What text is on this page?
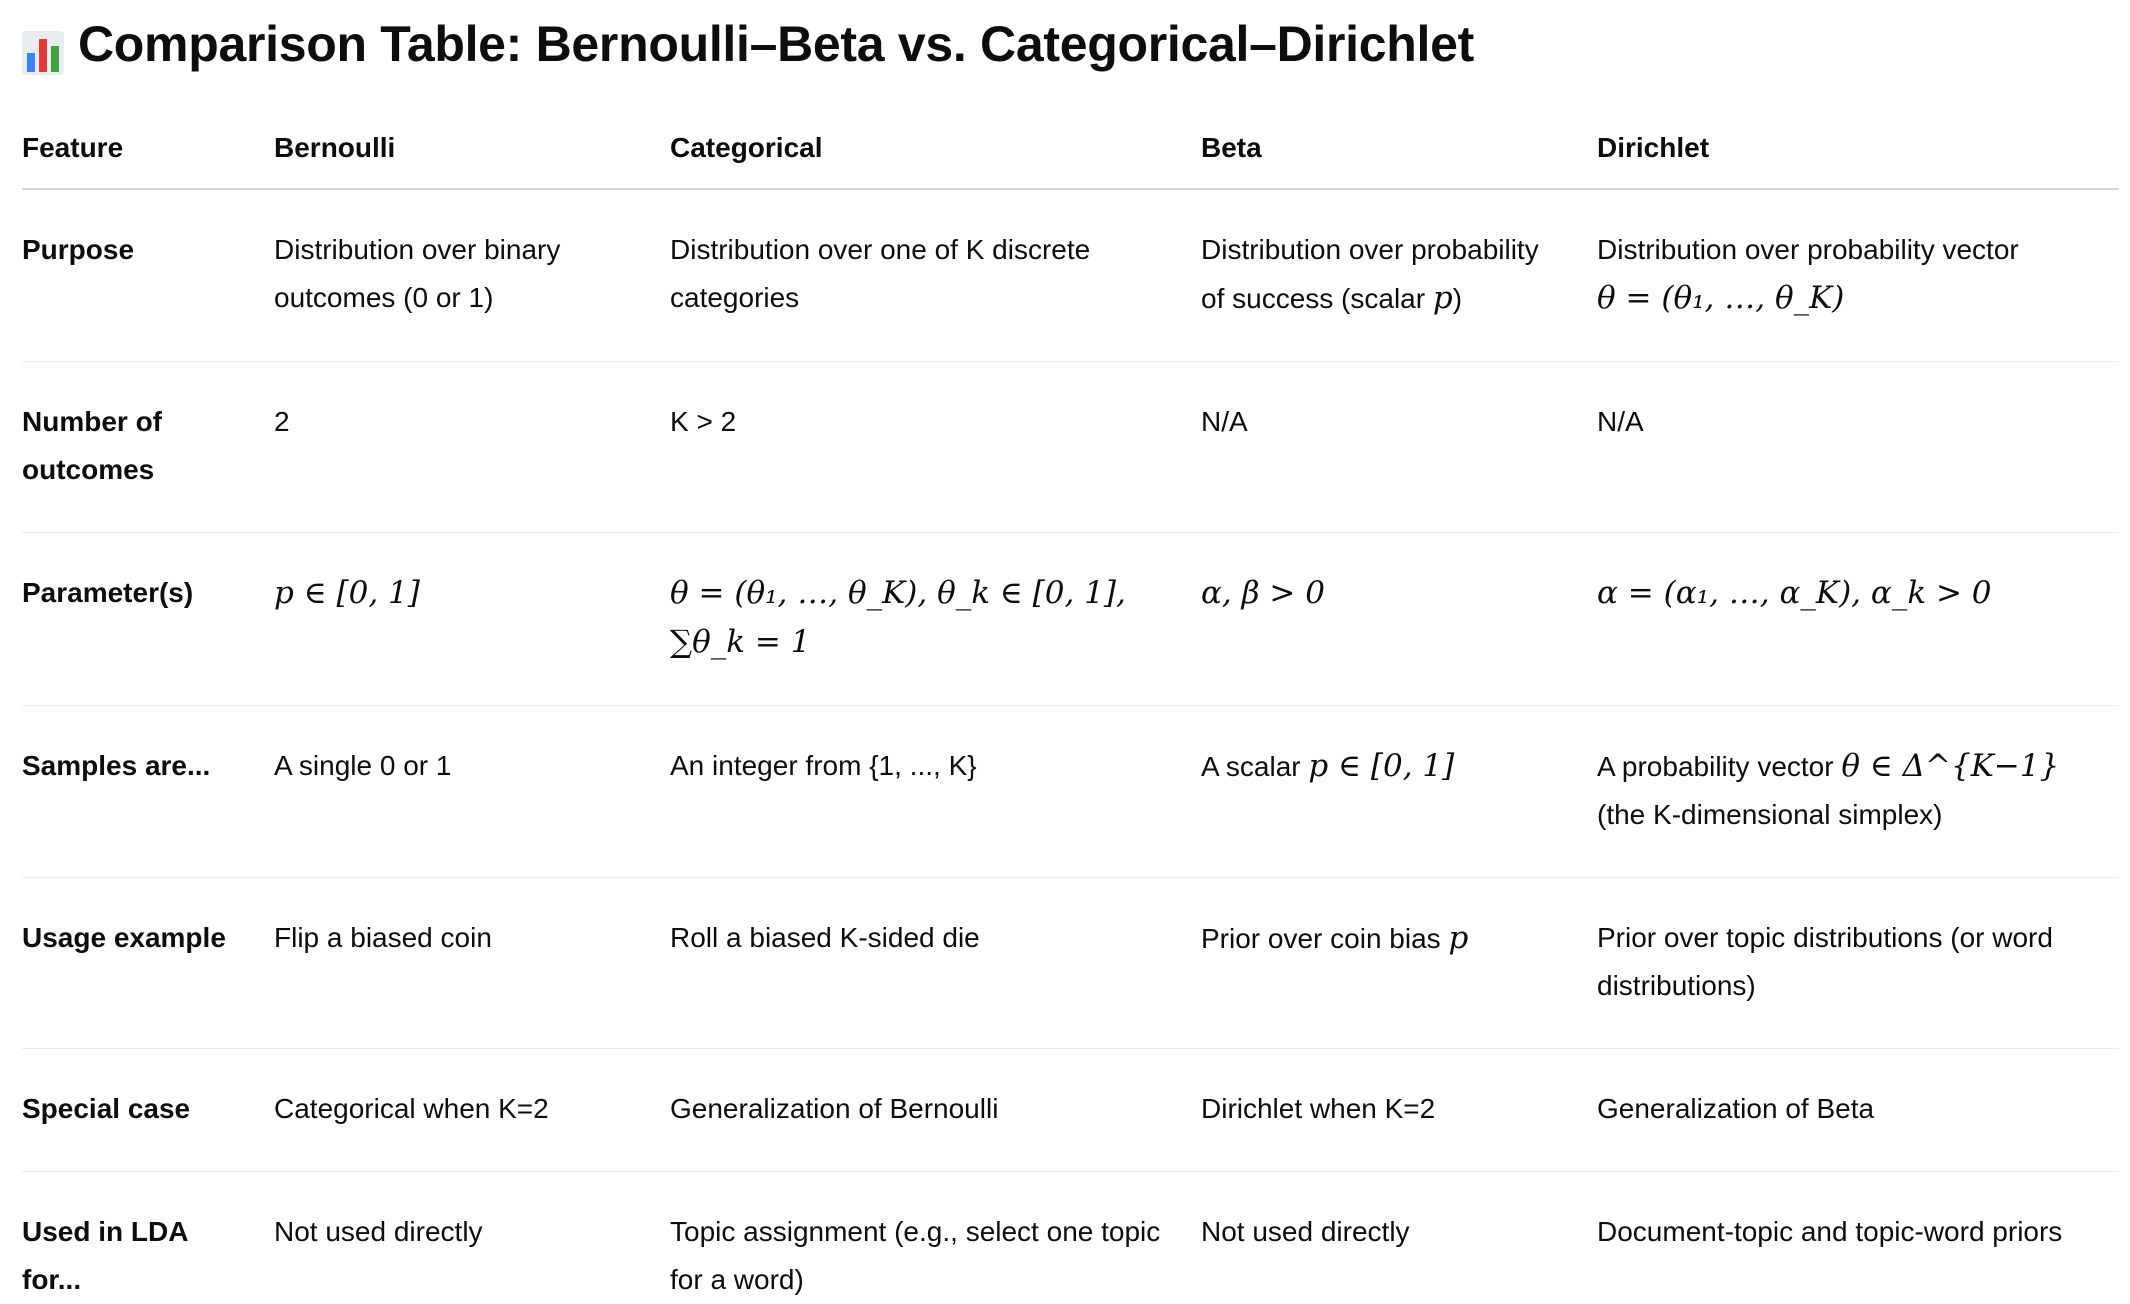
Comparison Table: Bernoulli–Beta vs. Categorical–Dirichlet
Feature	Bernoulli	Categorical	Beta	Dirichlet
Purpose	Distribution over binary outcomes (0 or 1)	Distribution over one of K discrete categories	Distribution over probability of success (scalar p)	Distribution over probability vector
θ = (θ₁, …, θ_K)
Number of outcomes	2	K > 2	N/A	N/A
Parameter(s)	p ∈ [0, 1]	θ = (θ₁, …, θ_K), θ_k ∈ [0, 1], ∑θ_k = 1	α, β > 0	α = (α₁, …, α_K), α_k > 0
Samples are...	A single 0 or 1	An integer from {1, ..., K}	A scalar p ∈ [0, 1]	A probability vector θ ∈ Δ^{K−1} (the K-dimensional simplex)
Usage example	Flip a biased coin	Roll a biased K-sided die	Prior over coin bias p	Prior over topic distributions (or word distributions)
Special case	Categorical when K=2	Generalization of Bernoulli	Dirichlet when K=2	Generalization of Beta
Used in LDA for...	Not used directly	Topic assignment (e.g., select one topic for a word)	Not used directly	Document-topic and topic-word priors
